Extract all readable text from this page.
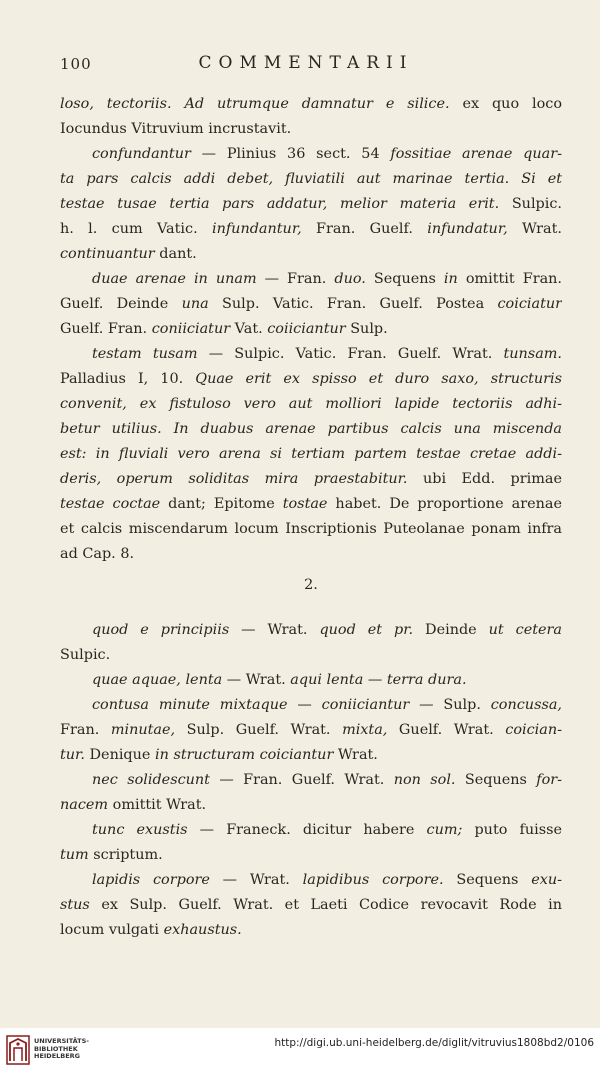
100	COMMENTARII
loso, tectoriis. Ad utrumque damnatur e silice. ex quo loco
Iocundus Vitruvium incrustavit.
confundantur — Plinius 36 sect. 54 fossitiae arenae quar-
ta pars calcis addi debet, fluviatili aut marinae tertia. Si et
testae tusae tertia pars addatur, melior materia erit. Sulpic.
h. l. cum Vatic. infundantur, Fran. Guelf. infundatur, Wrat.
continuantur dant.
duae arenae in unam — Fran. duo. Sequens in omittit Fran.
Guelf. Deinde una Sulp. Vatic. Fran. Guelf. Postea coiciatur
Guelf. Fran. coniiciatur Vat. coiiciantur Sulp.
testam tusam — Sulpic. Vatic. Fran. Guelf. Wrat. tunsam.
Palladius I, 10. Quae erit ex spisso et duro saxo, structuris
convenit, ex fistuloso vero aut molliori lapide tectoriis adhi-
betur utilius. In duabus arenae partibus calcis una miscenda
est: in fluviali vero arena si tertiam partem testae cretae addi-
deris, operum soliditas mira praestabitur. ubi Edd. primae
testae coctae dant; Epitome tostae habet. De proportione arenae
et calcis miscendarum locum Inscriptionis Puteolanae ponam infra
ad Cap. 8.
2.
quod e principiis — Wrat. quod et pr. Deinde ut cetera
Sulpic.
quae aquae, lenta — Wrat. aqui lenta — terra dura.
contusa minute mixtaque — coniiciantur — Sulp. concussa,
Fran. minutae, Sulp. Guelf. Wrat. mixta, Guelf. Wrat. coician-
tur. Denique in structuram coiciantur Wrat.
nec solidescunt — Fran. Guelf. Wrat. non sol. Sequens for-
nacem omittit Wrat.
tunc exustis — Franeck. dicitur habere cum; puto fuisse
tum scriptum.
lapidis corpore — Wrat. lapidibus corpore. Sequens exu-
stus ex Sulp. Guelf. Wrat. et Laeti Codice revocavit Rode in
locum vulgati exhaustus.
UNIVERSITÄTS-
BIBLIOTHEK
HEIDELBERG
http://digi.ub.uni-heidelberg.de/diglit/vitruvius1808bd2/0106
